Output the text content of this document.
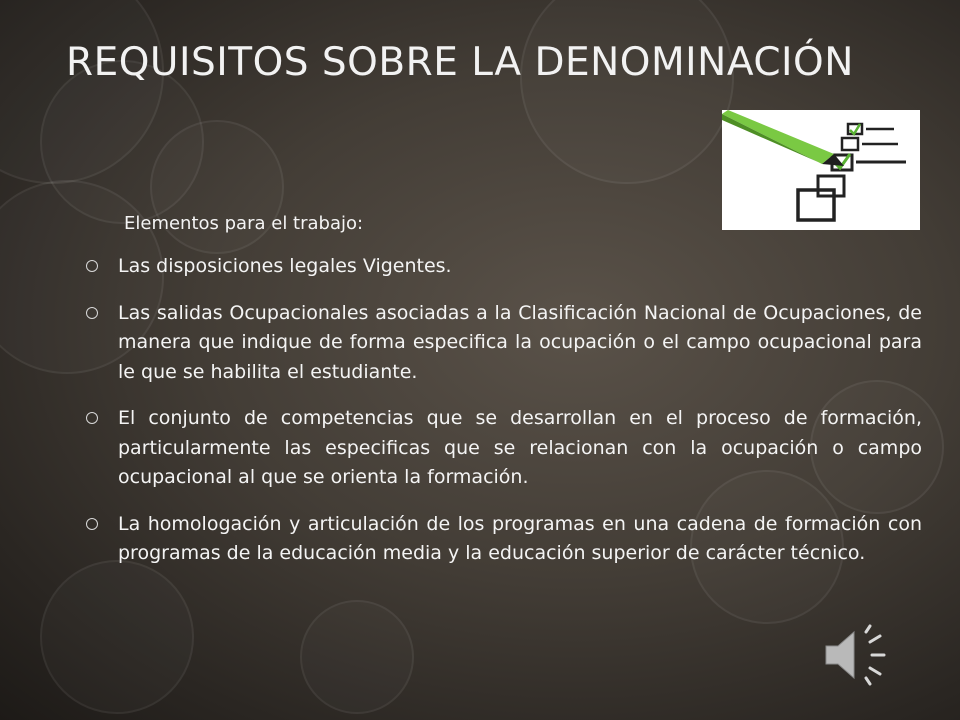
REQUISITOS SOBRE LA DENOMINACIÓN
Elementos para el trabajo:
Las disposiciones legales Vigentes.
Las salidas Ocupacionales asociadas a la Clasificación Nacional de Ocupaciones, de manera que indique de forma especifica la ocupación o el campo ocupacional para le que se habilita el estudiante.
El conjunto de competencias que se desarrollan en el proceso de formación, particularmente las especificas que se relacionan con la ocupación o campo ocupacional al que se orienta la formación.
La homologación y articulación de los programas en una cadena de formación con programas de la educación media y la educación superior de carácter técnico.
